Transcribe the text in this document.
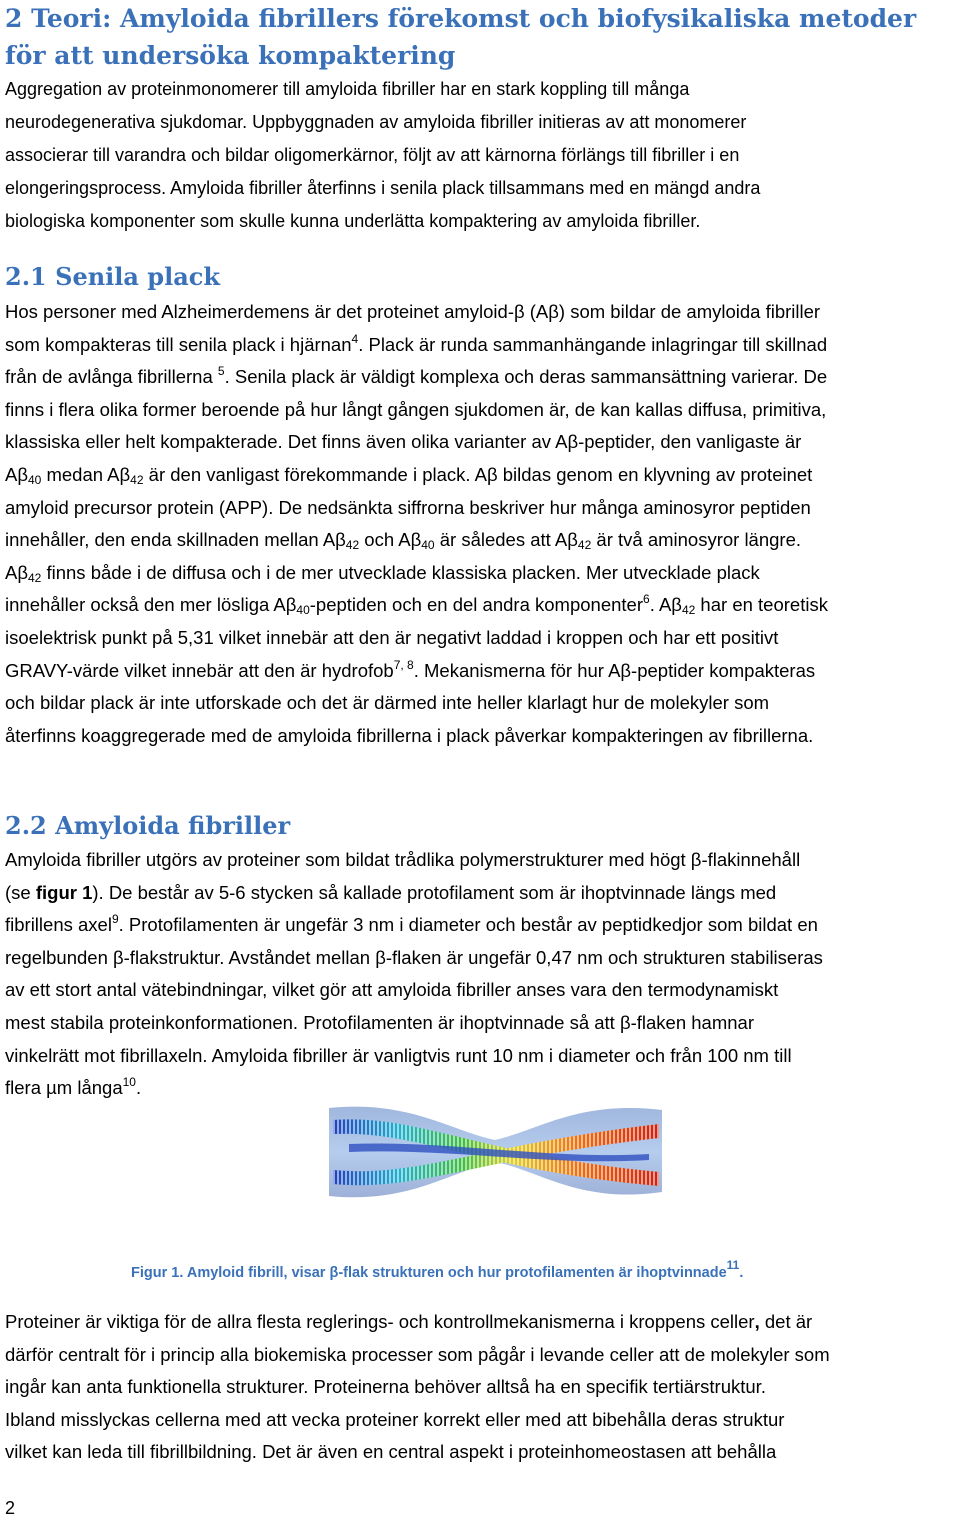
2 Teori: Amyloida fibrillers förekomst och biofysikaliska metoder för att undersöka kompaktering
Aggregation av proteinmonomerer till amyloida fibriller har en stark koppling till många
neurodegenerativa sjukdomar. Uppbyggnaden av amyloida fibriller initieras av att monomerer
associerar till varandra och bildar oligomerkärnor, följt av att kärnorna förlängs till fibriller i en
elongeringsprocess. Amyloida fibriller återfinns i senila plack tillsammans med en mängd andra
biologiska komponenter som skulle kunna underlätta kompaktering av amyloida fibriller.
2.1 Senila plack
Hos personer med Alzheimerdemens är det proteinet amyloid-β (Aβ) som bildar de amyloida fibriller
som kompakteras till senila plack i hjärnan$^4$. Plack är runda sammanhängande inlagringar till skillnad
från de avlånga fibrillerna $^5$. Senila plack är väldigt komplexa och deras sammansättning varierar. De
finns i flera olika former beroende på hur långt gången sjukdomen är, de kan kallas diffusa, primitiva,
klassiska eller helt kompakterade. Det finns även olika varianter av Aβ-peptider, den vanligaste är
$A\beta_{40}$ medan $A\beta_{42}$ är den vanligast förekommande i plack. Aβ bildas genom en klyvning av proteinet
amyloid precursor protein (APP). De nedsänkta siffrorna beskriver hur många aminosyror peptiden
innehåller, den enda skillnaden mellan $A\beta_{42}$ och $A\beta_{40}$ är således att $A\beta_{42}$ är två aminosyror längre.
$A\beta_{42}$ finns både i de diffusa och i de mer utvecklade klassiska placken. Mer utvecklade plack
innehåller också den mer lösliga $A\beta_{40}$-peptiden och en del andra komponenter$^6$. $A\beta_{42}$ har en teoretisk
isoelektrisk punkt på 5,31 vilket innebär att den är negativt laddad i kroppen och har ett positivt
GRAVY-värde vilket innebär att den är hydrofob$^{7, 8}$. Mekanismerna för hur Aβ-peptider kompakteras
och bildar plack är inte utforskade och det är därmed inte heller klarlagt hur de molekyler som
återfinns koaggregerade med de amyloida fibrillerna i plack påverkar kompakteringen av fibrillerna.
2.2 Amyloida fibriller
Amyloida fibriller utgörs av proteiner som bildat trådlika polymerstrukturer med högt β-flakinnehåll
(se figur 1). De består av 5-6 stycken så kallade protofilament som är ihoptvinnade längs med
fibrillens axel$^9$. Protofilamenten är ungefär 3 nm i diameter och består av peptidkedjor som bildat en
regelbunden β-flakstruktur. Avståndet mellan β-flaken är ungefär 0,47 nm och strukturen stabiliseras
av ett stort antal vätebindningar, vilket gör att amyloida fibriller anses vara den termodynamiskt
mest stabila proteinkonformationen. Protofilamenten är ihoptvinnade så att β-flaken hamnar
vinkelrätt mot fibrillaxeln. Amyloida fibriller är vanligtvis runt 10 nm i diameter och från 100 nm till
flera µm långa$^{10}$.
Figur 1. Amyloid fibrill, visar β-flak strukturen och hur protofilamenten är ihoptvinnade$^{11}$.
Proteiner är viktiga för de allra flesta reglerings- och kontrollmekanismerna i kroppens celler, det är
därför centralt för i princip alla biokemiska processer som pågår i levande celler att de molekyler som
ingår kan anta funktionella strukturer. Proteinerna behöver alltså ha en specifik tertiärstruktur.
Ibland misslyckas cellerna med att vecka proteiner korrekt eller med att bibehålla deras struktur
vilket kan leda till fibrillbildning. Det är även en central aspekt i proteinhomeostasen att behålla
2
